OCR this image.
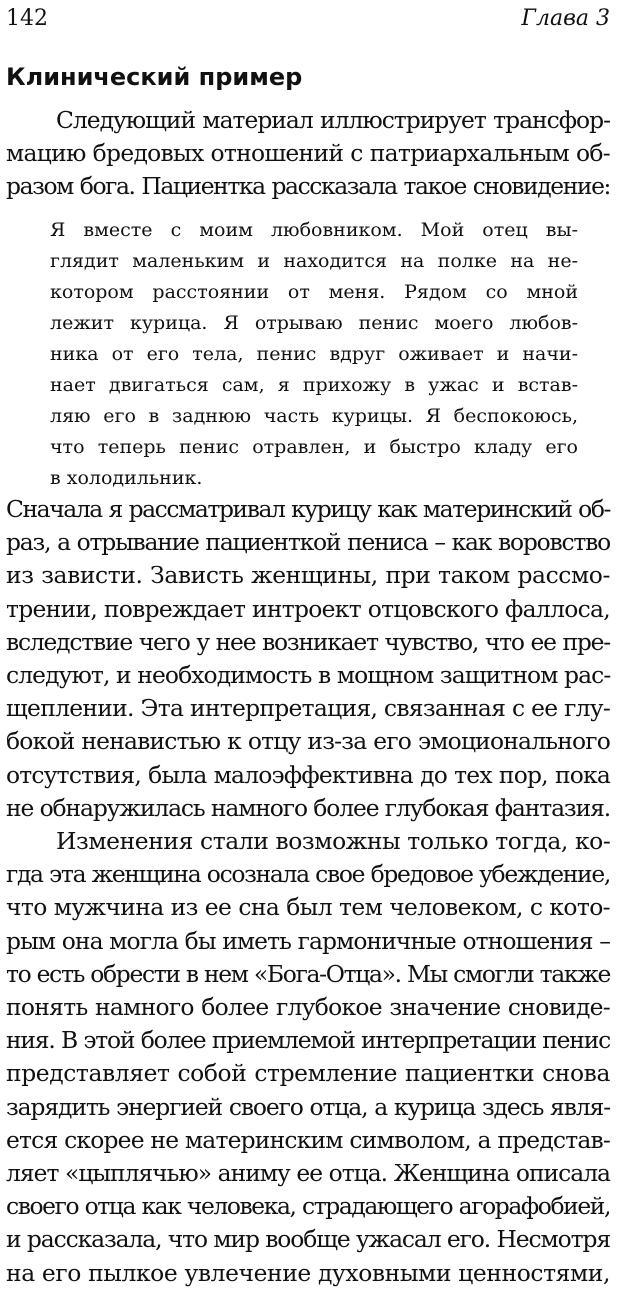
142	Глава 3
Клинический пример
Следующий материал иллюстрирует трансфор-
мацию бредовых отношений с патриархальным об-
разом бога. Пациентка рассказала такое сновидение:
Я вместе с моим любовником. Мой отец вы-
глядит маленьким и находится на полке на не-
котором расстоянии от меня. Рядом со мной
лежит курица. Я отрываю пенис моего любов-
ника от его тела, пенис вдруг оживает и начи-
нает двигаться сам, я прихожу в ужас и встав-
ляю его в заднюю часть курицы. Я беспокоюсь,
что теперь пенис отравлен, и быстро кладу его
в холодильник.
Сначала я рассматривал курицу как материнский об-
раз, а отрывание пациенткой пениса – как воровство
из зависти. Зависть женщины, при таком рассмо-
трении, повреждает интроект отцовского фаллоса,
вследствие чего у нее возникает чувство, что ее пре-
следуют, и необходимость в мощном защитном рас-
щеплении. Эта интерпретация, связанная с ее глу-
бокой ненавистью к отцу из-за его эмоционального
отсутствия, была малоэффективна до тех пор, пока
не обнаружилась намного более глубокая фантазия.
Изменения стали возможны только тогда, ко-
гда эта женщина осознала свое бредовое убеждение,
что мужчина из ее сна был тем человеком, с кото-
рым она могла бы иметь гармоничные отношения –
то есть обрести в нем «Бога-Отца». Мы смогли также
понять намного более глубокое значение сновиде-
ния. В этой более приемлемой интерпретации пенис
представляет собой стремление пациентки снова
зарядить энергией своего отца, а курица здесь явля-
ется скорее не материнским символом, а представ-
ляет «цыплячью» аниму ее отца. Женщина описала
своего отца как человека, страдающего агорафобией,
и рассказала, что мир вообще ужасал его. Несмотря
на его пылкое увлечение духовными ценностями,
